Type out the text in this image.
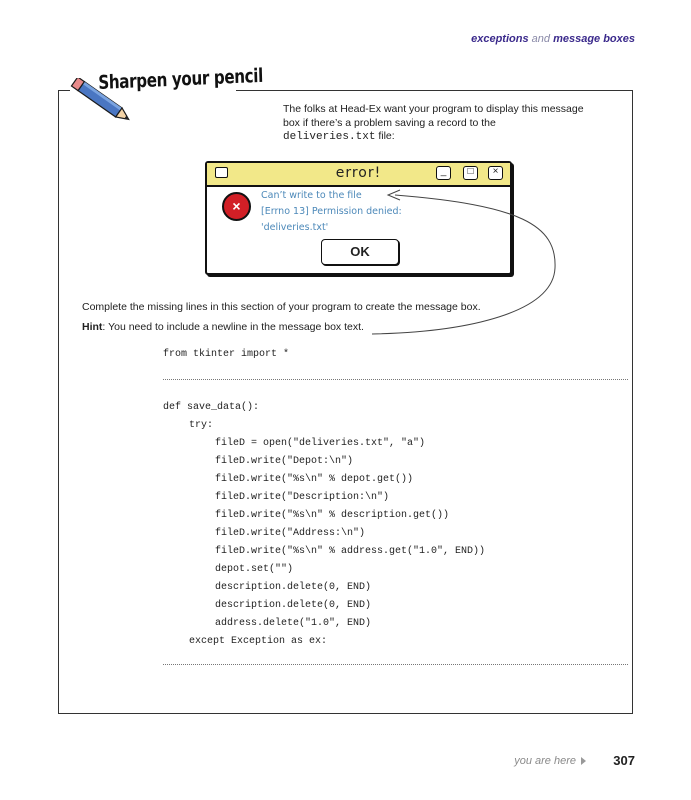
exceptions and message boxes
Sharpen your pencil
The folks at Head-Ex want your program to display this message
box if there’s a problem saving a record to the
deliveries.txt file:
error!	_	□	×
×
Can’t write to the file
[Errno 13] Permission denied:
'deliveries.txt'
OK
Complete the missing lines in this section of your program to create the message box.
Hint: You need to include a newline in the message box text.
from tkinter import *
def save_data():
try:
fileD = open("deliveries.txt", "a")
fileD.write("Depot:\n")
fileD.write("%s\n" % depot.get())
fileD.write("Description:\n")
fileD.write("%s\n" % description.get())
fileD.write("Address:\n")
fileD.write("%s\n" % address.get("1.0", END))
depot.set("")
description.delete(0, END)
description.delete(0, END)
address.delete("1.0", END)
except Exception as ex:
you are here	307
